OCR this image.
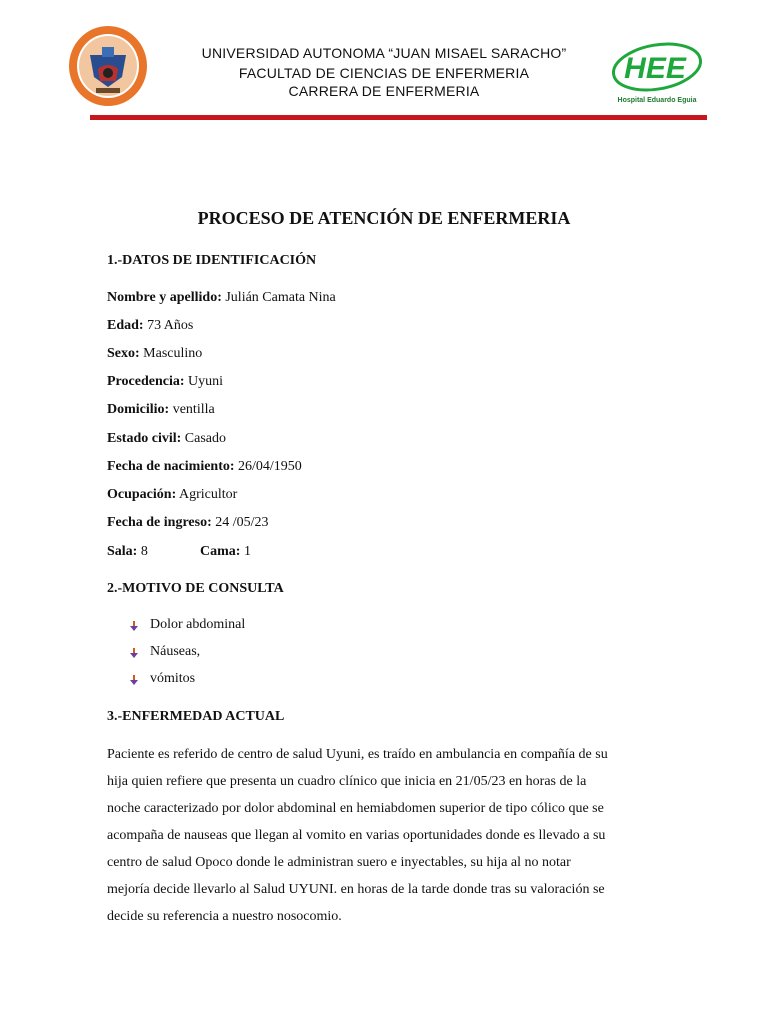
UNIVERSIDAD AUTONOMA “JUAN MISAEL SARACHO”
FACULTAD DE CIENCIAS DE ENFERMERIA
CARRERA DE ENFERMERIA
HEE
Hospital Eduardo Eguia
PROCESO DE ATENCIÓN DE ENFERMERIA
1.-DATOS DE IDENTIFICACIÓN
Nombre y apellido: Julián Camata Nina
Edad: 73 Años
Sexo: Masculino
Procedencia: Uyuni
Domicilio: ventilla
Estado civil: Casado
Fecha de nacimiento: 26/04/1950
Ocupación: Agricultor
Fecha de ingreso: 24 /05/23
Sala: 8	Cama: 1
2.-MOTIVO DE CONSULTA
Dolor abdominal
Náuseas,
vómitos
3.-ENFERMEDAD ACTUAL

Paciente es referido de centro de salud Uyuni, es traído en ambulancia en compañía de su

hija quien refiere que presenta un cuadro clínico que inicia en 21/05/23 en horas de la

noche caracterizado por dolor abdominal en hemiabdomen superior de tipo cólico que se

acompaña de nauseas que llegan al vomito en varias oportunidades donde es llevado a su

centro de salud Opoco donde le administran suero e inyectables, su hija al no notar

mejoría decide llevarlo al Salud UYUNI. en horas de la tarde donde tras su valoración se

decide su referencia a nuestro nosocomio.
